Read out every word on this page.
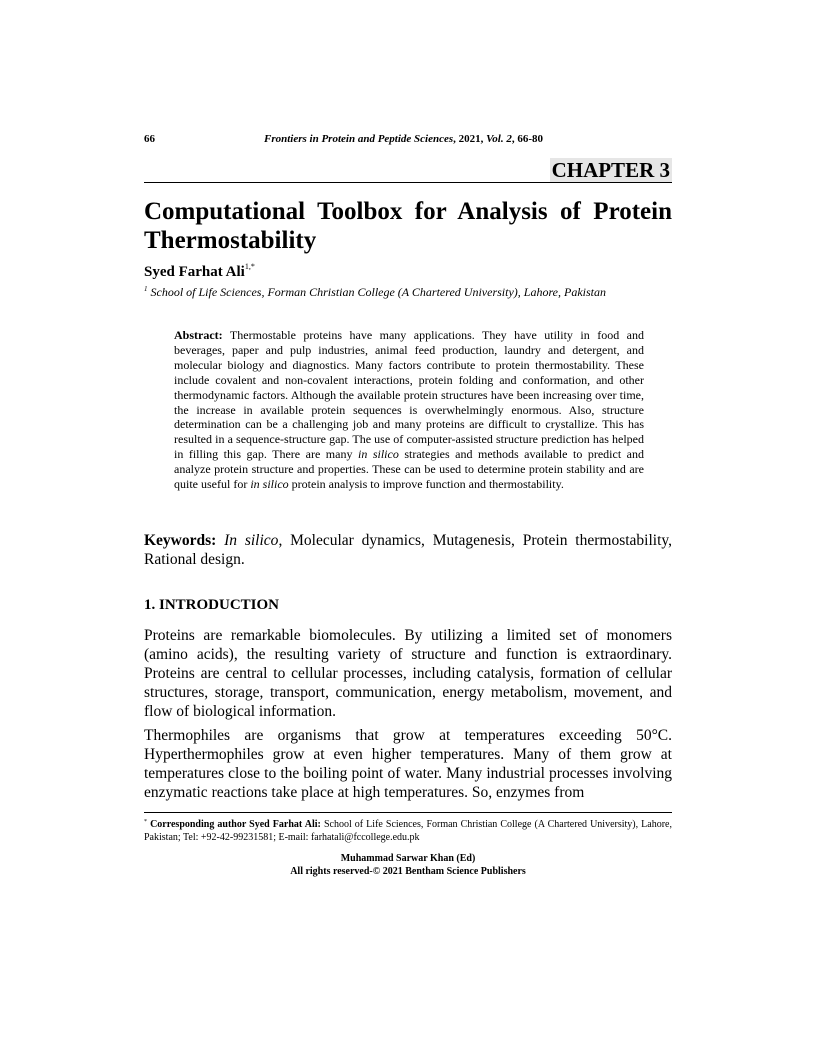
66	Frontiers in Protein and Peptide Sciences, 2021, Vol. 2, 66-80
CHAPTER 3
Computational Toolbox for Analysis of Protein
Thermostability
Syed Farhat Ali$^{1,*}$
$^1$ School of Life Sciences, Forman Christian College (A Chartered University), Lahore, Pakistan
Abstract: Thermostable proteins have many applications. They have utility in food and beverages, paper and pulp industries, animal feed production, laundry and detergent, and molecular biology and diagnostics. Many factors contribute to protein thermostability. These include covalent and non-covalent interactions, protein folding and conformation, and other thermodynamic factors. Although the available protein structures have been increasing over time, the increase in available protein sequences is overwhelmingly enormous. Also, structure determination can be a challenging job and many proteins are difficult to crystallize. This has resulted in a sequence-structure gap. The use of computer-assisted structure prediction has helped in filling this gap. There are many in silico strategies and methods available to predict and analyze protein structure and properties. These can be used to determine protein stability and are quite useful for in silico protein analysis to improve function and thermostability.
Keywords: In silico, Molecular dynamics, Mutagenesis, Protein thermostability, Rational design.
1. INTRODUCTION
Proteins are remarkable biomolecules. By utilizing a limited set of monomers (amino acids), the resulting variety of structure and function is extraordinary. Proteins are central to cellular processes, including catalysis, formation of cellular structures, storage, transport, communication, energy metabolism, movement, and flow of biological information.
Thermophiles are organisms that grow at temperatures exceeding 50°C. Hyperthermophiles grow at even higher temperatures. Many of them grow at temperatures close to the boiling point of water. Many industrial processes involving enzymatic reactions take place at high temperatures. So, enzymes from
* Corresponding author Syed Farhat Ali: School of Life Sciences, Forman Christian College (A Chartered University), Lahore, Pakistan; Tel: +92-42-99231581; E-mail: farhatali@fccollege.edu.pk
Muhammad Sarwar Khan (Ed)
All rights reserved-© 2021 Bentham Science Publishers
